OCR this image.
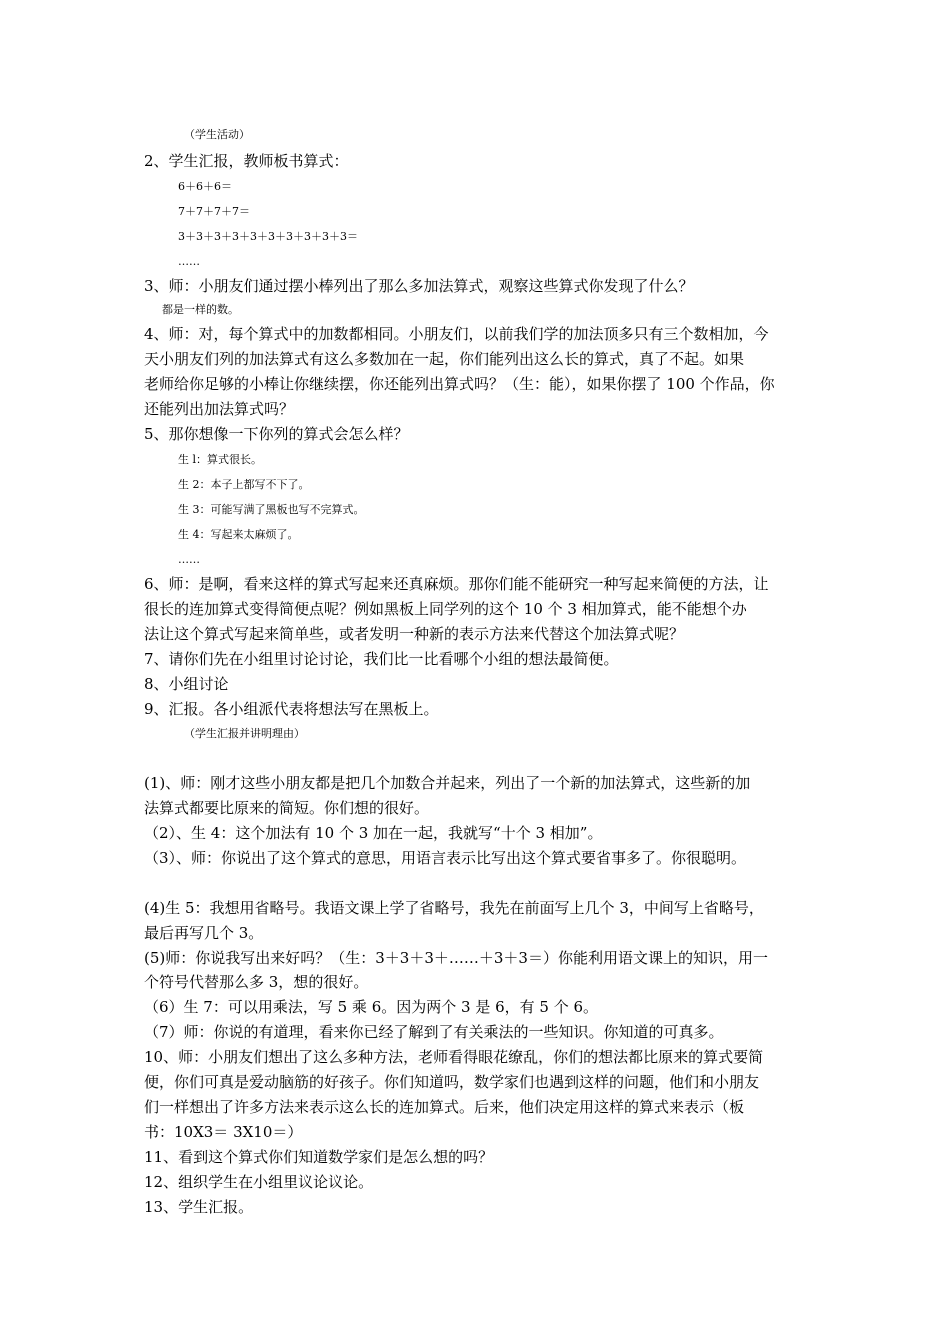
（学生活动）
2、学生汇报，教师板书算式：
6＋6＋6＝
7＋7＋7＋7＝
3＋3＋3＋3＋3＋3＋3＋3＋3＋3＝
……
3、师：小朋友们通过摆小棒列出了那么多加法算式，观察这些算式你发现了什么？
都是一样的数。
4、师：对，每个算式中的加数都相同。小朋友们，以前我们学的加法顶多只有三个数相加，今
天小朋友们列的加法算式有这么多数加在一起，你们能列出这么长的算式，真了不起。如果
老师给你足够的小棒让你继续摆，你还能列出算式吗？（生：能），如果你摆了 100 个作品，你
还能列出加法算式吗？
5、那你想像一下你列的算式会怎么样？
生 l：算式很长。
生 2：本子上都写不下了。
生 3：可能写满了黑板也写不完算式。
生 4：写起来太麻烦了。
……
6、师：是啊，看来这样的算式写起来还真麻烦。那你们能不能研究一种写起来简便的方法，让
很长的连加算式变得简便点呢？例如黑板上同学列的这个 10 个 3 相加算式，能不能想个办
法让这个算式写起来简单些，或者发明一种新的表示方法来代替这个加法算式呢？
7、请你们先在小组里讨论讨论，我们比一比看哪个小组的想法最简便。
8、小组讨论
9、汇报。各小组派代表将想法写在黑板上。
（学生汇报并讲明理由）
(1)、师：刚才这些小朋友都是把几个加数合并起来，列出了一个新的加法算式，这些新的加
法算式都要比原来的简短。你们想的很好。
（2）、生 4：这个加法有 10 个 3 加在一起，我就写“十个 3 相加”。
（3）、师：你说出了这个算式的意思，用语言表示比写出这个算式要省事多了。你很聪明。
(4)生 5：我想用省略号。我语文课上学了省略号，我先在前面写上几个 3，中间写上省略号，
最后再写几个 3。
(5)师：你说我写出来好吗？（生：3＋3＋3＋……＋3＋3＝）你能利用语文课上的知识，用一
个符号代替那么多 3，想的很好。
（6）生 7：可以用乘法，写 5 乘 6。因为两个 3 是 6，有 5 个 6。
（7）师：你说的有道理，看来你已经了解到了有关乘法的一些知识。你知道的可真多。
10、师：小朋友们想出了这么多种方法，老师看得眼花缭乱，你们的想法都比原来的算式要简
便，你们可真是爱动脑筋的好孩子。你们知道吗，数学家们也遇到这样的问题，他们和小朋友
们一样想出了许多方法来表示这么长的连加算式。后来，他们决定用这样的算式来表示（板
书：10X3＝ 3X10＝）
11、看到这个算式你们知道数学家们是怎么想的吗？
12、组织学生在小组里议论议论。
13、学生汇报。
